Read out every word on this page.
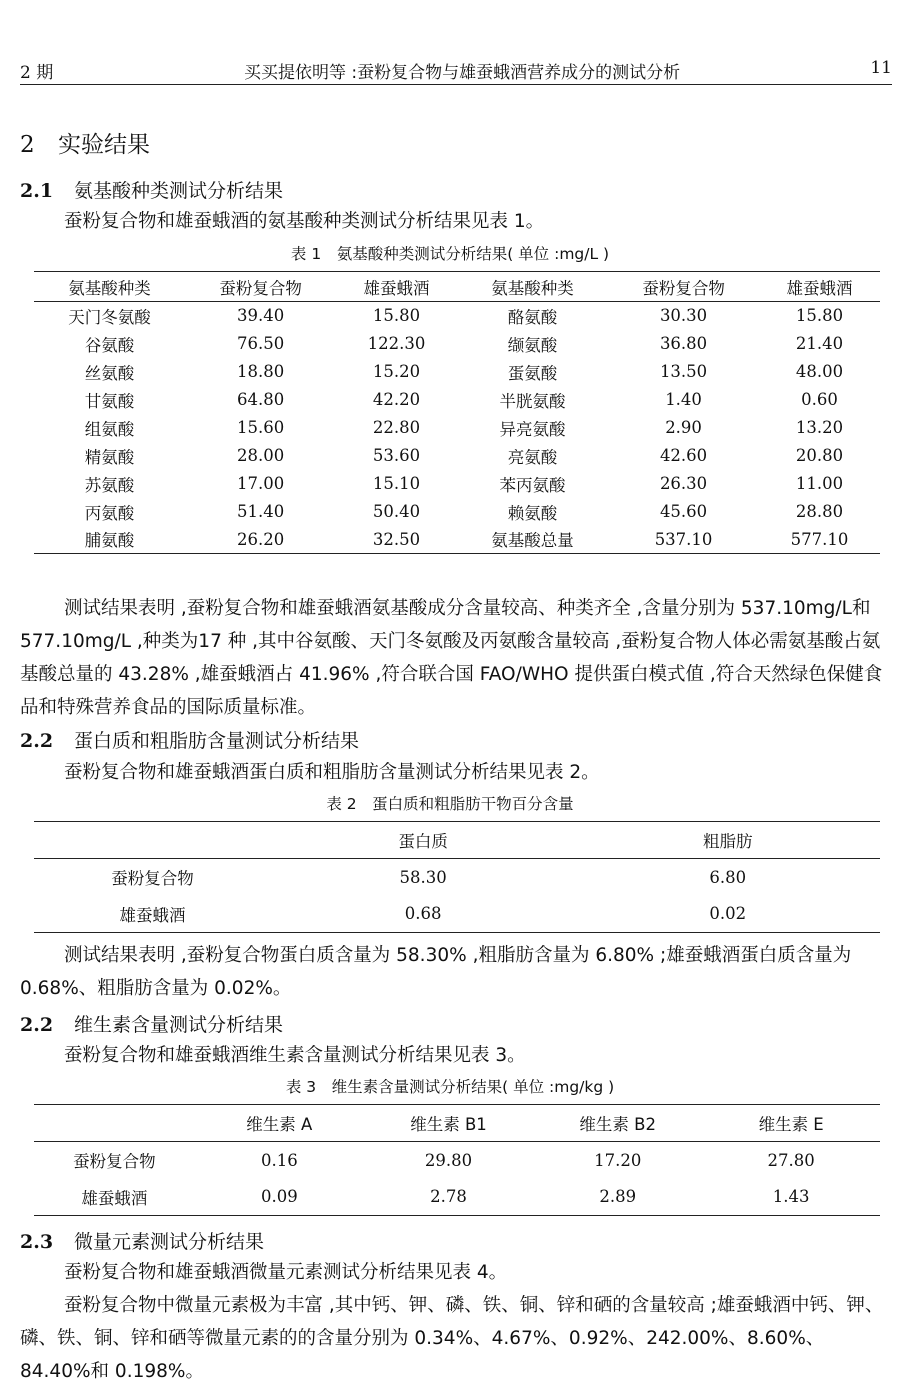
2 期	买买提依明等 :蚕粉复合物与雄蚕蛾酒营养成分的测试分析	11
2 实验结果
2.1 氨基酸种类测试分析结果
蚕粉复合物和雄蚕蛾酒的氨基酸种类测试分析结果见表 1。
表 1　氨基酸种类测试分析结果( 单位 :mg/L )
氨基酸种类	蚕粉复合物	雄蚕蛾酒	氨基酸种类	蚕粉复合物	雄蚕蛾酒
天门冬氨酸	39.40	15.80	酪氨酸	30.30	15.80
谷氨酸	76.50	122.30	缬氨酸	36.80	21.40
丝氨酸	18.80	15.20	蛋氨酸	13.50	48.00
甘氨酸	64.80	42.20	半胱氨酸	1.40	0.60
组氨酸	15.60	22.80	异亮氨酸	2.90	13.20
精氨酸	28.00	53.60	亮氨酸	42.60	20.80
苏氨酸	17.00	15.10	苯丙氨酸	26.30	11.00
丙氨酸	51.40	50.40	赖氨酸	45.60	28.80
脯氨酸	26.20	32.50	氨基酸总量	537.10	577.10
测试结果表明 ,蚕粉复合物和雄蚕蛾酒氨基酸成分含量较高、种类齐全 ,含量分别为 537.10mg/L和577.10mg/L ,种类为17 种 ,其中谷氨酸、天门冬氨酸及丙氨酸含量较高 ,蚕粉复合物人体必需氨基酸占氨基酸总量的 43.28% ,雄蚕蛾酒占 41.96% ,符合联合国 FAO/WHO 提供蛋白模式值 ,符合天然绿色保健食品和特殊营养食品的国际质量标准。
2.2 蛋白质和粗脂肪含量测试分析结果
蚕粉复合物和雄蚕蛾酒蛋白质和粗脂肪含量测试分析结果见表 2。
表 2　蛋白质和粗脂肪干物百分含量
	蛋白质	粗脂肪
蚕粉复合物	58.30	6.80
雄蚕蛾酒	0.68	0.02
测试结果表明 ,蚕粉复合物蛋白质含量为 58.30% ,粗脂肪含量为 6.80% ;雄蚕蛾酒蛋白质含量为 0.68%、粗脂肪含量为 0.02%。
2.2 维生素含量测试分析结果
蚕粉复合物和雄蚕蛾酒维生素含量测试分析结果见表 3。
表 3　维生素含量测试分析结果( 单位 :mg/kg )
	维生素 A	维生素 B1	维生素 B2	维生素 E
蚕粉复合物	0.16	29.80	17.20	27.80
雄蚕蛾酒	0.09	2.78	2.89	1.43
2.3 微量元素测试分析结果
蚕粉复合物和雄蚕蛾酒微量元素测试分析结果见表 4。
蚕粉复合物中微量元素极为丰富 ,其中钙、钾、磷、铁、铜、锌和硒的含量较高 ;雄蚕蛾酒中钙、钾、磷、铁、铜、锌和硒等微量元素的的含量分别为 0.34%、4.67%、0.92%、242.00%、8.60%、84.40%和 0.198%。
